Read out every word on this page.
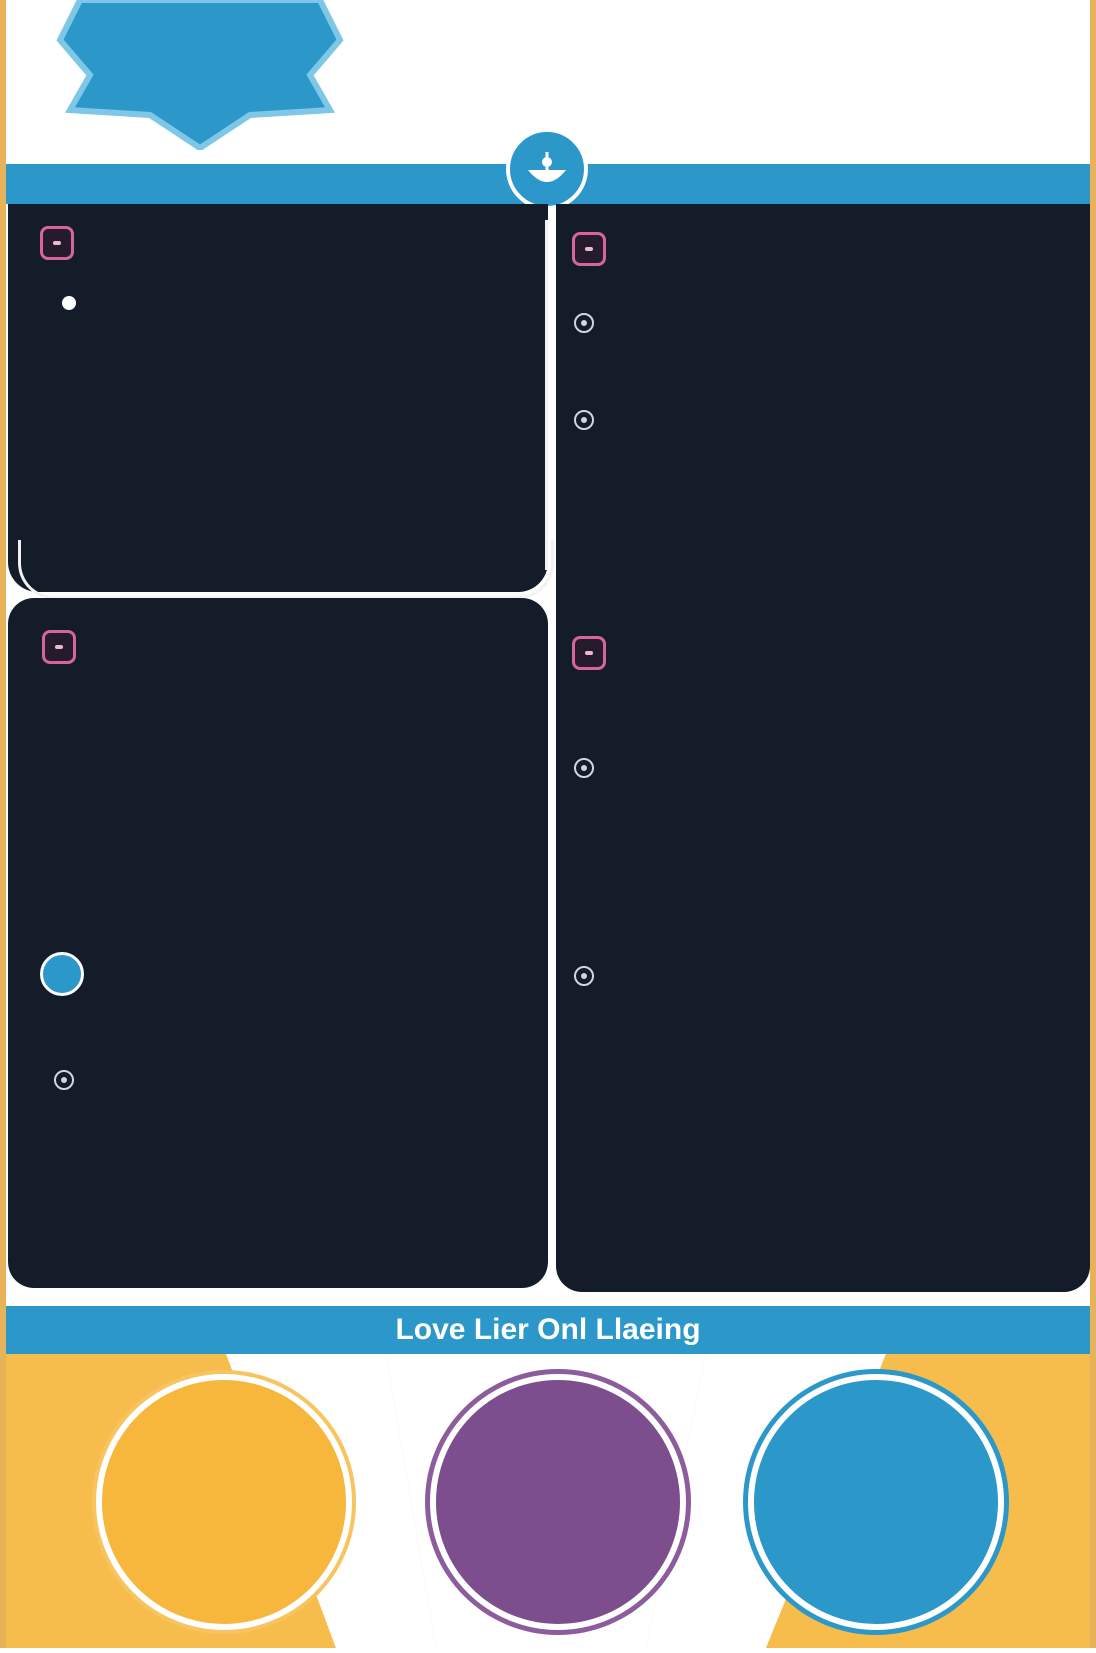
Love Lier Onl Llaeing
